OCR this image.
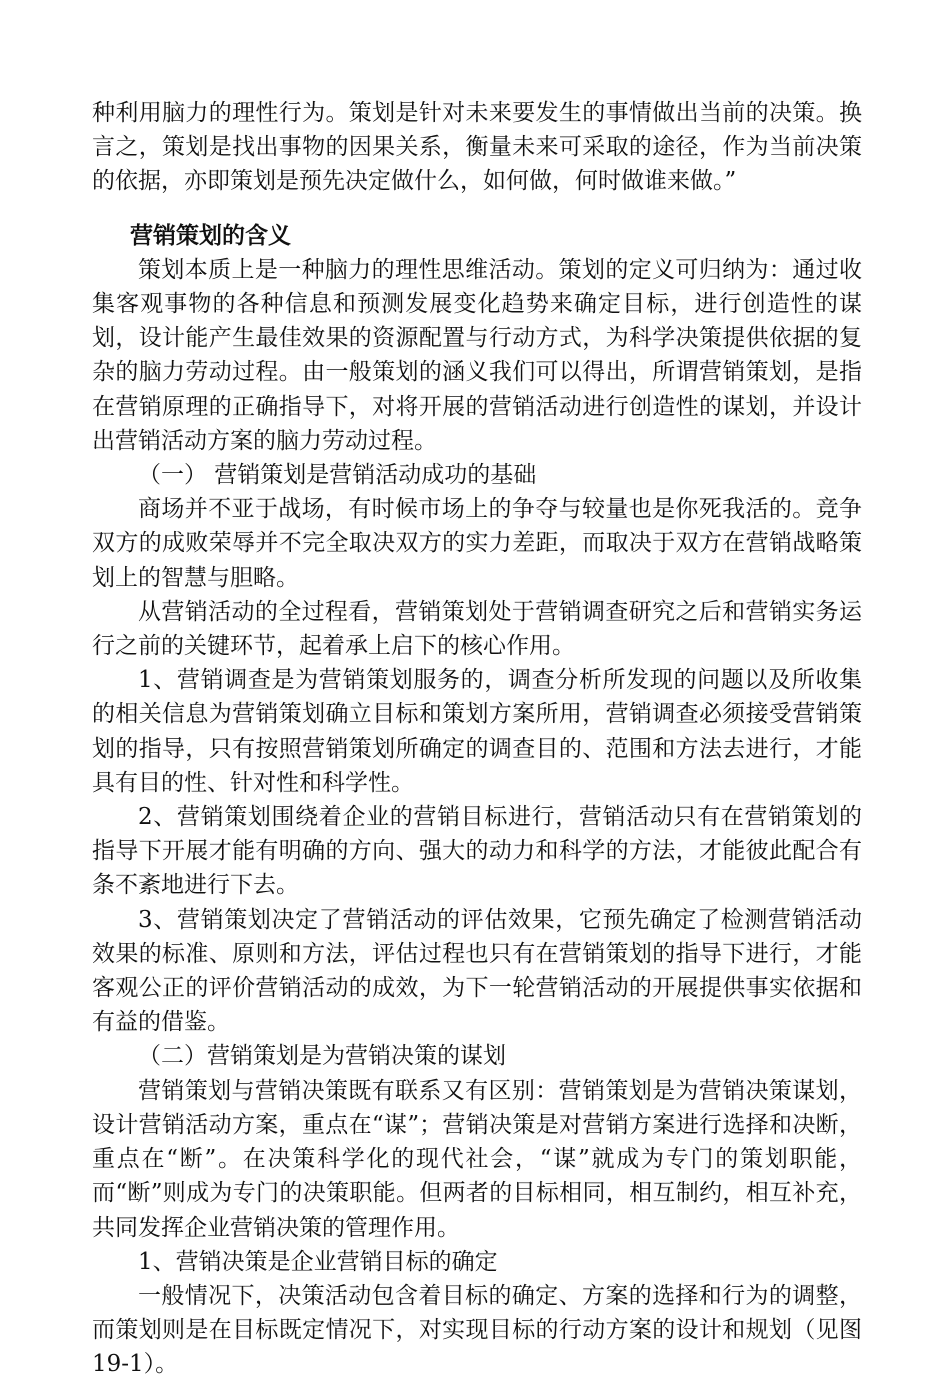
种利用脑力的理性行为。策划是针对未来要发生的事情做出当前的决策。换言之，策划是找出事物的因果关系，衡量未来可采取的途径，作为当前决策的依据，亦即策划是预先决定做什么，如何做，何时做谁来做。”

营销策划的含义

策划本质上是一种脑力的理性思维活动。策划的定义可归纳为：通过收集客观事物的各种信息和预测发展变化趋势来确定目标，进行创造性的谋划，设计能产生最佳效果的资源配置与行动方式，为科学决策提供依据的复杂的脑力劳动过程。由一般策划的涵义我们可以得出，所谓营销策划，是指在营销原理的正确指导下，对将开展的营销活动进行创造性的谋划，并设计出营销活动方案的脑力劳动过程。

（一） 营销策划是营销活动成功的基础

商场并不亚于战场，有时候市场上的争夺与较量也是你死我活的。竞争双方的成败荣辱并不完全取决双方的实力差距，而取决于双方在营销战略策划上的智慧与胆略。

从营销活动的全过程看，营销策划处于营销调查研究之后和营销实务运行之前的关键环节，起着承上启下的核心作用。

1、营销调查是为营销策划服务的，调查分析所发现的问题以及所收集的相关信息为营销策划确立目标和策划方案所用，营销调查必须接受营销策划的指导，只有按照营销策划所确定的调查目的、范围和方法去进行，才能具有目的性、针对性和科学性。

2、营销策划围绕着企业的营销目标进行，营销活动只有在营销策划的指导下开展才能有明确的方向、强大的动力和科学的方法，才能彼此配合有条不紊地进行下去。

3、营销策划决定了营销活动的评估效果，它预先确定了检测营销活动效果的标准、原则和方法，评估过程也只有在营销策划的指导下进行，才能客观公正的评价营销活动的成效，为下一轮营销活动的开展提供事实依据和有益的借鉴。

（二）营销策划是为营销决策的谋划

营销策划与营销决策既有联系又有区别：营销策划是为营销决策谋划，设计营销活动方案，重点在“谋”；营销决策是对营销方案进行选择和决断，重点在“断”。在决策科学化的现代社会，“谋”就成为专门的策划职能，而“断”则成为专门的决策职能。但两者的目标相同，相互制约，相互补充，共同发挥企业营销决策的管理作用。

1、营销决策是企业营销目标的确定

一般情况下，决策活动包含着目标的确定、方案的选择和行为的调整，而策划则是在目标既定情况下，对实现目标的行动方案的设计和规划（见图19-1）。
